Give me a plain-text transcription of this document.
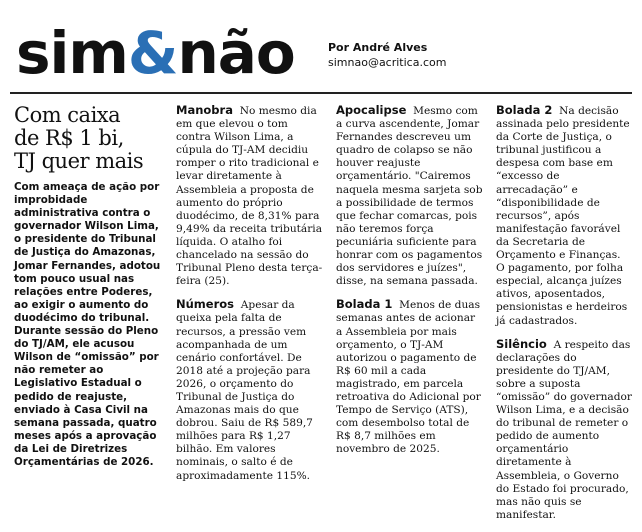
sim&não	Por André Alves
simnao@acritica.com
Com caixa
de R$ 1 bi,
TJ quer mais

Com ameaça de ação por improbidade administrativa contra o governador Wilson Lima, o presidente do Tribunal de Justiça do Amazonas, Jomar Fernandes, adotou tom pouco usual nas relações entre Poderes, ao exigir o aumento do duodécimo do tribunal. Durante sessão do Pleno do TJ/AM, ele acusou Wilson de “omissão” por não remeter ao Legislativo Estadual o pedido de reajuste, enviado à Casa Civil na semana passada, quatro meses após a aprovação da Lei de Diretrizes Orçamentárias de 2026.

Manobra No mesmo dia em que elevou o tom contra Wilson Lima, a cúpula do TJ-AM decidiu romper o rito tradicional e levar diretamente à Assembleia a proposta de aumento do próprio duodécimo, de 8,31% para 9,49% da receita tributária líquida. O atalho foi chancelado na sessão do Tribunal Pleno desta terça-feira (25).

Números Apesar da queixa pela falta de recursos, a pressão vem acompanhada de um cenário confortável. De 2018 até a projeção para 2026, o orçamento do Tribunal de Justiça do Amazonas mais do que dobrou. Saiu de R$ 589,7 milhões para R$ 1,27 bilhão. Em valores nominais, o salto é de aproximadamente 115%.

Apocalipse Mesmo com a curva ascendente, Jomar Fernandes descreveu um quadro de colapso se não houver reajuste orçamentário. "Cairemos naquela mesma sarjeta sob a possibilidade de termos que fechar comarcas, pois não teremos força pecuniária suficiente para honrar com os pagamentos dos servidores e juízes", disse, na semana passada.

Bolada 1 Menos de duas semanas antes de acionar a Assembleia por mais orçamento, o TJ-AM autorizou o pagamento de R$ 60 mil a cada magistrado, em parcela retroativa do Adicional por Tempo de Serviço (ATS), com desembolso total de R$ 8,7 milhões em novembro de 2025.

Bolada 2 Na decisão assinada pelo presidente da Corte de Justiça, o tribunal justificou a despesa com base em “excesso de arrecadação” e “disponibilidade de recursos”, após manifestação favorável da Secretaria de Orçamento e Finanças. O pagamento, por folha especial, alcança juízes ativos, aposentados, pensionistas e herdeiros já cadastrados.

Silêncio A respeito das declarações do presidente do TJ/AM, sobre a suposta “omissão” do governador Wilson Lima, e a decisão do tribunal de remeter o pedido de aumento orçamentário diretamente à Assembleia, o Governo do Estado foi procurado, mas não quis se manifestar.
